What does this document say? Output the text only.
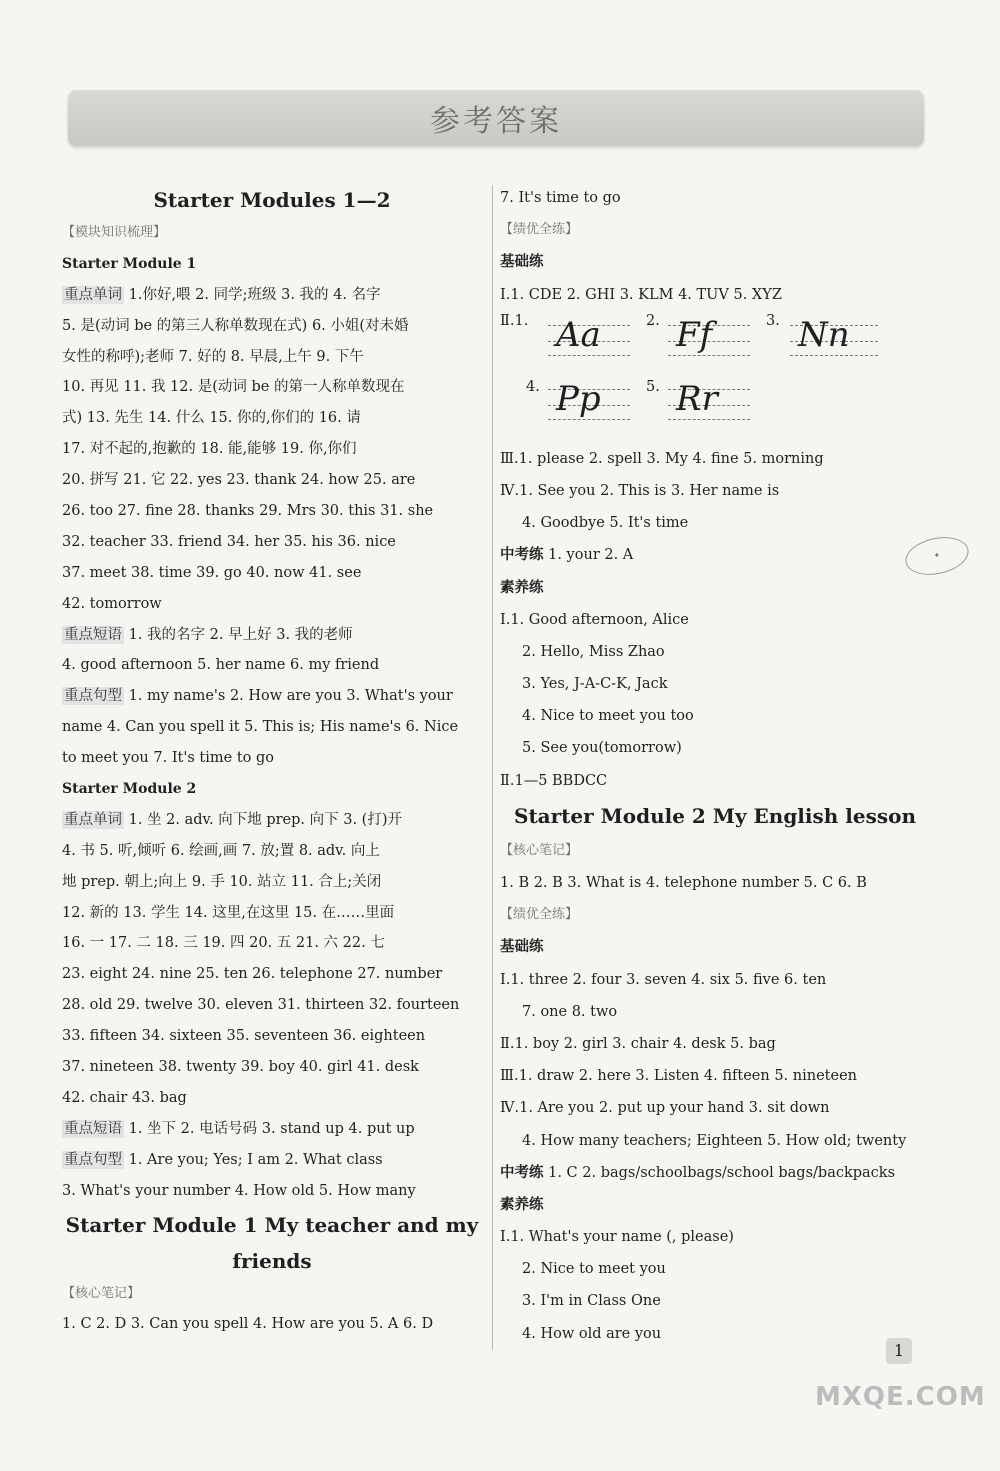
参考答案
✦
Starter Modules 1—2
【模块知识梳理】
Starter Module 1
重点单词 1.你好,喂 2. 同学;班级 3. 我的 4. 名字
5. 是(动词 be 的第三人称单数现在式) 6. 小姐(对未婚
女性的称呼);老师 7. 好的 8. 早晨,上午 9. 下午
10. 再见 11. 我 12. 是(动词 be 的第一人称单数现在
式) 13. 先生 14. 什么 15. 你的,你们的 16. 请
17. 对不起的,抱歉的 18. 能,能够 19. 你,你们
20. 拼写 21. 它 22. yes 23. thank 24. how 25. are
26. too 27. fine 28. thanks 29. Mrs 30. this 31. she
32. teacher 33. friend 34. her 35. his 36. nice
37. meet 38. time 39. go 40. now 41. see
42. tomorrow
重点短语 1. 我的名字 2. 早上好 3. 我的老师
4. good afternoon 5. her name 6. my friend
重点句型 1. my name's 2. How are you 3. What's your
name 4. Can you spell it 5. This is; His name's 6. Nice
to meet you 7. It's time to go
Starter Module 2
重点单词 1. 坐 2. adv. 向下地 prep. 向下 3. (打)开
4. 书 5. 听,倾听 6. 绘画,画 7. 放;置 8. adv. 向上
地 prep. 朝上;向上 9. 手 10. 站立 11. 合上;关闭
12. 新的 13. 学生 14. 这里,在这里 15. 在……里面
16. 一 17. 二 18. 三 19. 四 20. 五 21. 六 22. 七
23. eight 24. nine 25. ten 26. telephone 27. number
28. old 29. twelve 30. eleven 31. thirteen 32. fourteen
33. fifteen 34. sixteen 35. seventeen 36. eighteen
37. nineteen 38. twenty 39. boy 40. girl 41. desk
42. chair 43. bag
重点短语 1. 坐下 2. 电话号码 3. stand up 4. put up
重点句型 1. Are you; Yes; I am 2. What class
3. What's your number 4. How old 5. How many
Starter Module 1 My teacher and my
friends
【核心笔记】
1. C 2. D 3. Can you spell 4. How are you 5. A 6. D
7. It's time to go
【绩优全练】
基础练
Ⅰ.1. CDE 2. GHI 3. KLM 4. TUV 5. XYZ
Ⅱ.1. Aa	2. Ff	3. Nn
4. Pp	5. Rr
Ⅲ.1. please 2. spell 3. My 4. fine 5. morning
Ⅳ.1. See you 2. This is 3. Her name is
4. Goodbye 5. It's time
中考练 1. your 2. A
素养练
Ⅰ.1. Good afternoon, Alice
2. Hello, Miss Zhao
3. Yes, J-A-C-K, Jack
4. Nice to meet you too
5. See you(tomorrow)
Ⅱ.1—5 BBDCC
Starter Module 2 My English lesson
【核心笔记】
1. B 2. B 3. What is 4. telephone number 5. C 6. B
【绩优全练】
基础练
Ⅰ.1. three 2. four 3. seven 4. six 5. five 6. ten
7. one 8. two
Ⅱ.1. boy 2. girl 3. chair 4. desk 5. bag
Ⅲ.1. draw 2. here 3. Listen 4. fifteen 5. nineteen
Ⅳ.1. Are you 2. put up your hand 3. sit down
4. How many teachers; Eighteen 5. How old; twenty
中考练 1. C 2. bags/schoolbags/school bags/backpacks
素养练
Ⅰ.1. What's your name (, please)
2. Nice to meet you
3. I'm in Class One
4. How old are you
1
MXQE.COM
